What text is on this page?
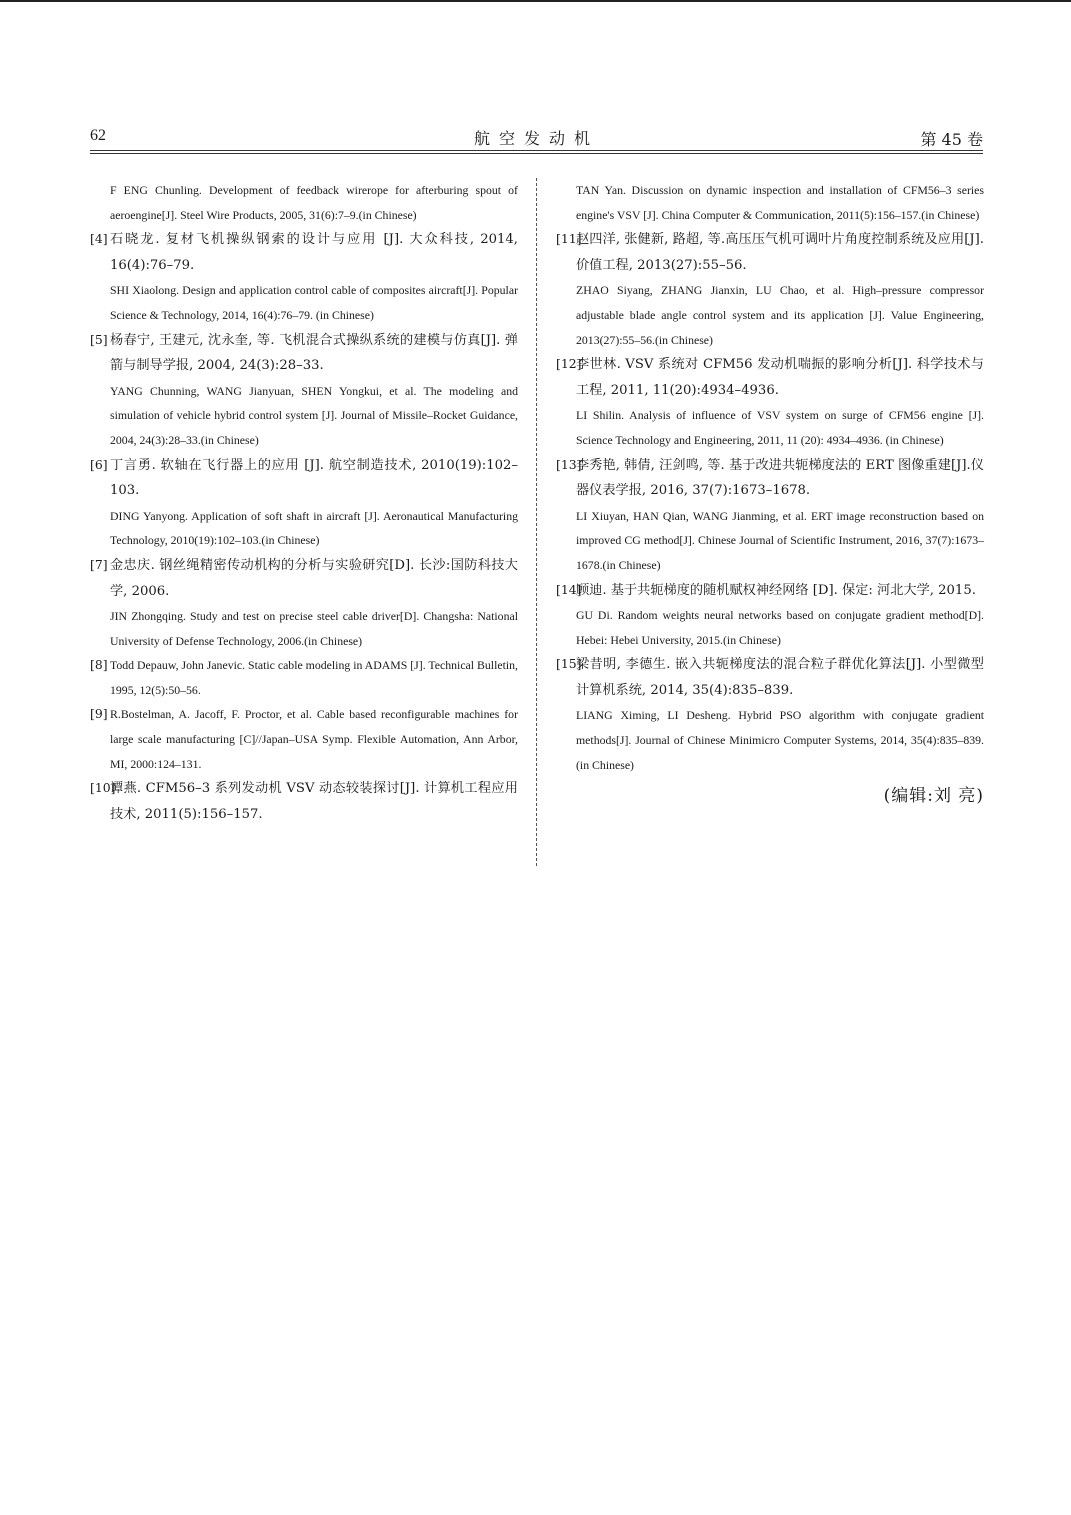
62	航空发动机	第 45 卷
F ENG Chunling. Development of feedback wirerope for afterburing spout of aeroengine[J]. Steel Wire Products, 2005, 31(6):7–9.(in Chinese)
[4] 石晓龙. 复材飞机操纵钢索的设计与应用 [J]. 大众科技, 2014, 16(4):76–79.
SHI Xiaolong. Design and application control cable of composites aircraft[J]. Popular Science & Technology, 2014, 16(4):76–79. (in Chinese)
[5] 杨春宁, 王建元, 沈永奎, 等. 飞机混合式操纵系统的建模与仿真[J]. 弹箭与制导学报, 2004, 24(3):28–33.
YANG Chunning, WANG Jianyuan, SHEN Yongkui, et al. The modeling and simulation of vehicle hybrid control system [J]. Journal of Missile–Rocket Guidance, 2004, 24(3):28–33.(in Chinese)
[6] 丁言勇. 软轴在飞行器上的应用 [J]. 航空制造技术, 2010(19):102–103.
DING Yanyong. Application of soft shaft in aircraft [J]. Aeronautical Manufacturing Technology, 2010(19):102–103.(in Chinese)
[7] 金忠庆. 钢丝绳精密传动机构的分析与实验研究[D]. 长沙:国防科技大学, 2006.
JIN Zhongqing. Study and test on precise steel cable driver[D]. Changsha: National University of Defense Technology, 2006.(in Chinese)
[8] Todd Depauw, John Janevic. Static cable modeling in ADAMS [J]. Technical Bulletin, 1995, 12(5):50–56.
[9] R.Bostelman, A. Jacoff, F. Proctor, et al. Cable based reconfigurable machines for large scale manufacturing [C]//Japan–USA Symp. Flexible Automation, Ann Arbor, MI, 2000:124–131.
[10]
谭燕. CFM56–3 系列发动机 VSV 动态较装探讨[J]. 计算机工程应用技术, 2011(5):156–157.
TAN Yan. Discussion on dynamic inspection and installation of CFM56–3 series engine's VSV [J]. China Computer & Communication, 2011(5):156–157.(in Chinese)
[11]
赵四洋, 张健新, 路超, 等.高压压气机可调叶片角度控制系统及应用[J]. 价值工程, 2013(27):55–56.
ZHAO Siyang, ZHANG Jianxin, LU Chao, et al. High–pressure compressor adjustable blade angle control system and its application [J]. Value Engineering, 2013(27):55–56.(in Chinese)
[12]
李世林. VSV 系统对 CFM56 发动机喘振的影响分析[J]. 科学技术与工程, 2011, 11(20):4934–4936.
LI Shilin. Analysis of influence of VSV system on surge of CFM56 engine [J]. Science Technology and Engineering, 2011, 11 (20): 4934–4936. (in Chinese)
[13]
李秀艳, 韩倩, 汪剑鸣, 等. 基于改进共轭梯度法的 ERT 图像重建[J].仪器仪表学报, 2016, 37(7):1673–1678.
LI Xiuyan, HAN Qian, WANG Jianming, et al. ERT image reconstruction based on improved CG method[J]. Chinese Journal of Scientific Instrument, 2016, 37(7):1673–1678.(in Chinese)
[14]
顾迪. 基于共轭梯度的随机赋权神经网络 [D]. 保定: 河北大学, 2015.
GU Di. Random weights neural networks based on conjugate gradient method[D]. Hebei: Hebei University, 2015.(in Chinese)
[15]
梁昔明, 李德生. 嵌入共轭梯度法的混合粒子群优化算法[J]. 小型微型计算机系统, 2014, 35(4):835–839.
LIANG Ximing, LI Desheng. Hybrid PSO algorithm with conjugate gradient methods[J]. Journal of Chinese Minimicro Computer Systems, 2014, 35(4):835–839. (in Chinese)
(编辑:刘 亮)
